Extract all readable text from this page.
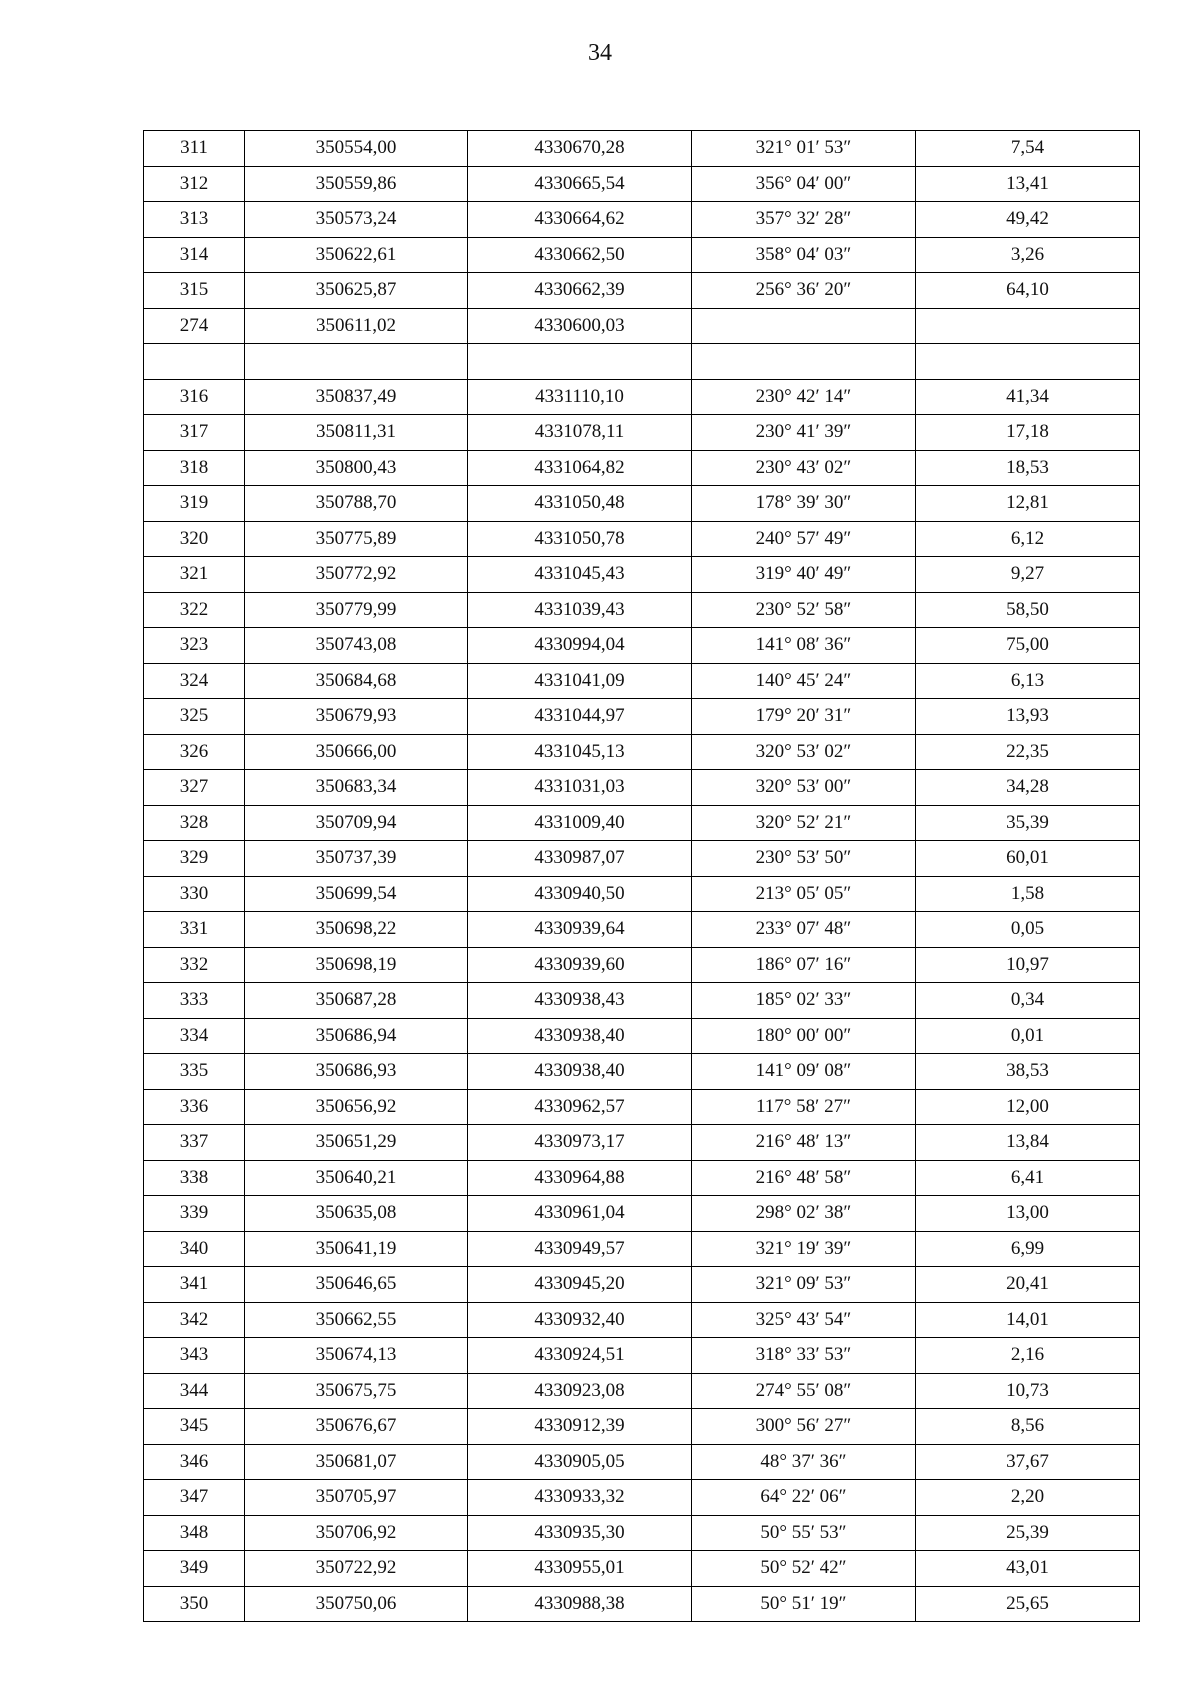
34
311	350554,00	4330670,28	321° 01′ 53″	7,54
312	350559,86	4330665,54	356° 04′ 00″	13,41
313	350573,24	4330664,62	357° 32′ 28″	49,42
314	350622,61	4330662,50	358° 04′ 03″	3,26
315	350625,87	4330662,39	256° 36′ 20″	64,10
274	350611,02	4330600,03		

316	350837,49	4331110,10	230° 42′ 14″	41,34
317	350811,31	4331078,11	230° 41′ 39″	17,18
318	350800,43	4331064,82	230° 43′ 02″	18,53
319	350788,70	4331050,48	178° 39′ 30″	12,81
320	350775,89	4331050,78	240° 57′ 49″	6,12
321	350772,92	4331045,43	319° 40′ 49″	9,27
322	350779,99	4331039,43	230° 52′ 58″	58,50
323	350743,08	4330994,04	141° 08′ 36″	75,00
324	350684,68	4331041,09	140° 45′ 24″	6,13
325	350679,93	4331044,97	179° 20′ 31″	13,93
326	350666,00	4331045,13	320° 53′ 02″	22,35
327	350683,34	4331031,03	320° 53′ 00″	34,28
328	350709,94	4331009,40	320° 52′ 21″	35,39
329	350737,39	4330987,07	230° 53′ 50″	60,01
330	350699,54	4330940,50	213° 05′ 05″	1,58
331	350698,22	4330939,64	233° 07′ 48″	0,05
332	350698,19	4330939,60	186° 07′ 16″	10,97
333	350687,28	4330938,43	185° 02′ 33″	0,34
334	350686,94	4330938,40	180° 00′ 00″	0,01
335	350686,93	4330938,40	141° 09′ 08″	38,53
336	350656,92	4330962,57	117° 58′ 27″	12,00
337	350651,29	4330973,17	216° 48′ 13″	13,84
338	350640,21	4330964,88	216° 48′ 58″	6,41
339	350635,08	4330961,04	298° 02′ 38″	13,00
340	350641,19	4330949,57	321° 19′ 39″	6,99
341	350646,65	4330945,20	321° 09′ 53″	20,41
342	350662,55	4330932,40	325° 43′ 54″	14,01
343	350674,13	4330924,51	318° 33′ 53″	2,16
344	350675,75	4330923,08	274° 55′ 08″	10,73
345	350676,67	4330912,39	300° 56′ 27″	8,56
346	350681,07	4330905,05	48° 37′ 36″	37,67
347	350705,97	4330933,32	64° 22′ 06″	2,20
348	350706,92	4330935,30	50° 55′ 53″	25,39
349	350722,92	4330955,01	50° 52′ 42″	43,01
350	350750,06	4330988,38	50° 51′ 19″	25,65
